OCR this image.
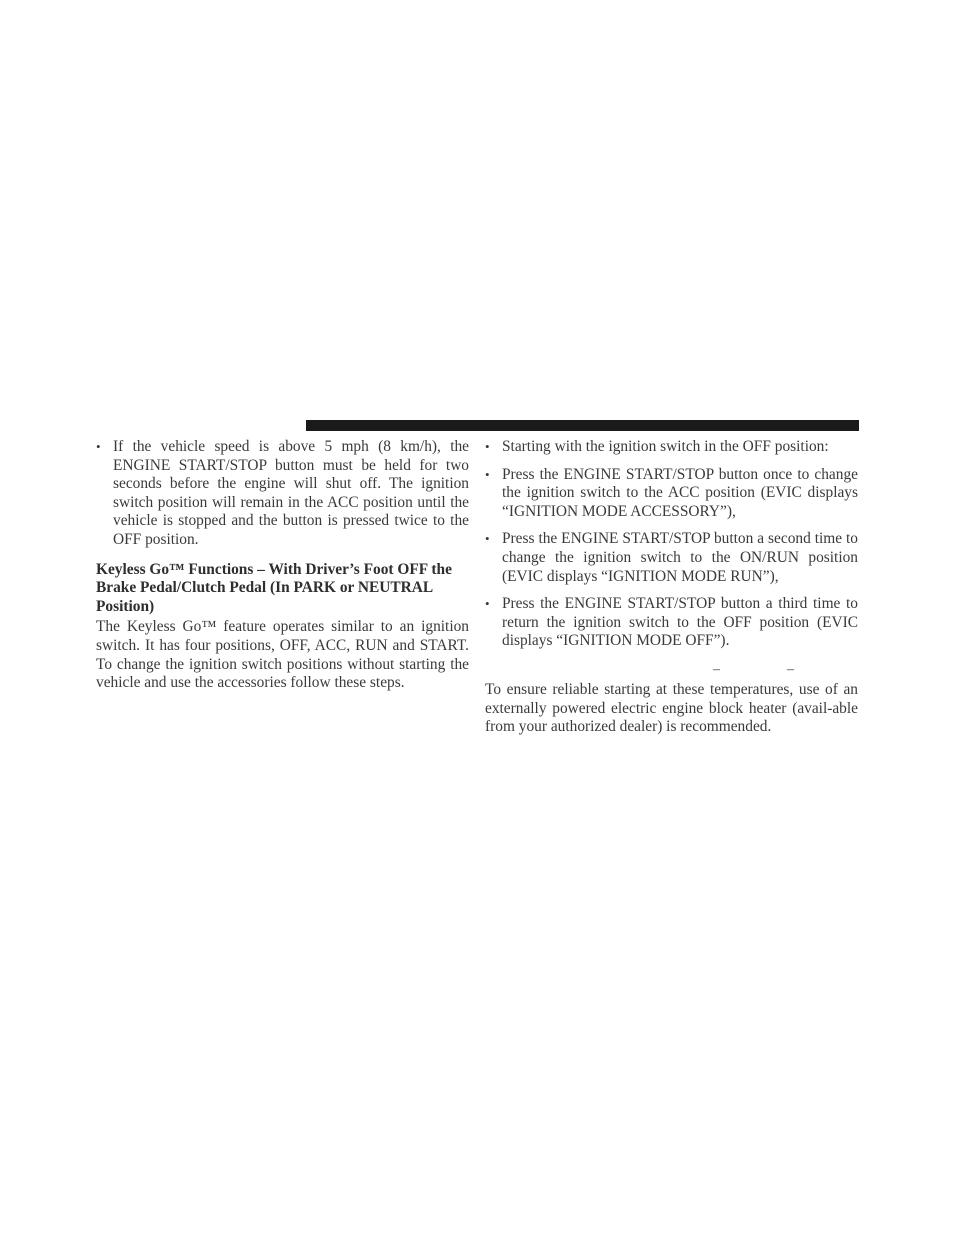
• If the vehicle speed is above 5 mph (8 km/h), the ENGINE START/STOP button must be held for two seconds before the engine will shut off. The ignition switch position will remain in the ACC position until the vehicle is stopped and the button is pressed twice to the OFF position.
Keyless Go™ Functions – With Driver’s Foot OFF the Brake Pedal/Clutch Pedal (In PARK or NEUTRAL Position)

The Keyless Go™ feature operates similar to an ignition switch. It has four positions, OFF, ACC, RUN and START. To change the ignition switch positions without starting the vehicle and use the accessories follow these steps.

• Starting with the ignition switch in the OFF position:
• Press the ENGINE START/STOP button once to change the ignition switch to the ACC position (EVIC displays “IGNITION MODE ACCESSORY”),
• Press the ENGINE START/STOP button a second time to change the ignition switch to the ON/RUN position (EVIC displays “IGNITION MODE RUN”),
• Press the ENGINE START/STOP button a third time to return the ignition switch to the OFF position (EVIC displays “IGNITION MODE OFF”).
–	–

To ensure reliable starting at these temperatures, use of an externally powered electric engine block heater (avail-able from your authorized dealer) is recommended.
